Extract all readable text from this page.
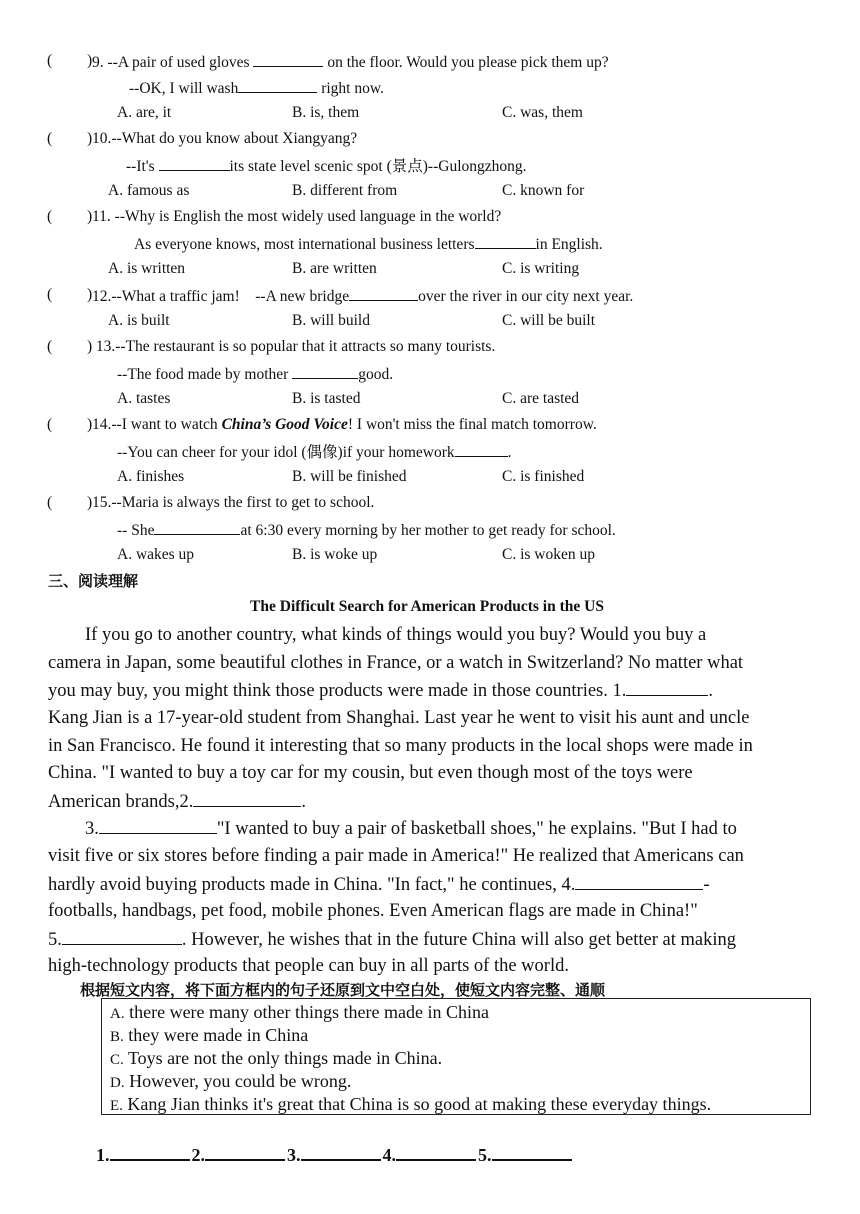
( ) 9. --A pair of used gloves	on the floor. Would you please pick them up?
--OK, I will wash	right now.
A. are, it	B. is, them	C. was, them
( ) 10.--What do you know about Xiangyang?
--It's	its state level scenic spot (景点)--Gulongzhong.
A. famous as	B. different from	C. known for
( ) 11. --Why is English the most widely used language in the world?
As everyone knows, most international business letters	in English.
A. is written	B. are written	C. is writing
( ) 12.--What a traffic jam!    --A new bridge	over the river in our city next year.
A. is built	B. will build	C. will be built
( ) 13.--The restaurant is so popular that it attracts so many tourists.
--The food made by mother	good.
A. tastes	B. is tasted	C. are tasted
( ) 14.--I want to watch China’s Good Voice! I won't miss the final match tomorrow.
--You can cheer for your idol (偶像)if your homework	.
A. finishes	B. will be finished	C. is finished
( ) 15.--Maria is always the first to get to school.
-- She	at 6:30 every morning by her mother to get ready for school.
A. wakes up	B. is woke up	C. is woken up
三、阅读理解
The Difficult Search for American Products in the US
If you go to another country, what kinds of things would you buy? Would you buy a
camera in Japan, some beautiful clothes in France, or a watch in Switzerland? No matter what
you may buy, you might think those products were made in those countries. 1.	.
Kang Jian is a 17-year-old student from Shanghai. Last year he went to visit his aunt and uncle
in San Francisco. He found it interesting that so many products in the local shops were made in
China. "I wanted to buy a toy car for my cousin, but even though most of the toys were
American brands,2.	.
3.	"I wanted to buy a pair of basketball shoes," he explains. "But I had to
visit five or six stores before finding a pair made in America!" He realized that Americans can
hardly avoid buying products made in China. "In fact," he continues, 4.	-
footballs, handbags, pet food, mobile phones. Even American flags are made in China!"
5.	. However, he wishes that in the future China will also get better at making
high-technology products that people can buy in all parts of the world.
根据短文内容，将下面方框内的句子还原到文中空白处，使短文内容完整、通顺
A. there were many other things there made in China
B. they were made in China
C. Toys are not the only things made in China.
D. However, you could be wrong.
E. Kang Jian thinks it's great that China is so good at making these everyday things.
1.	2.	3.	4.	5.
